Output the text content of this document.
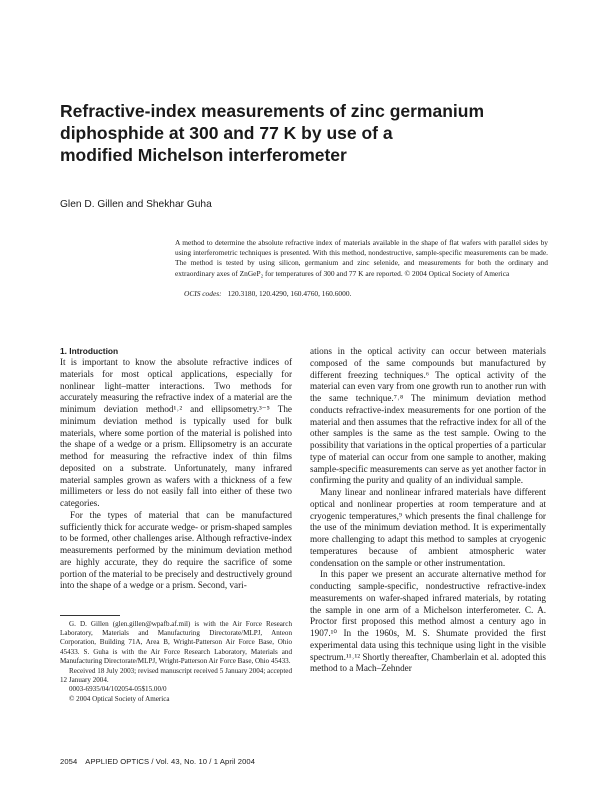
Refractive-index measurements of zinc germanium
diphosphide at 300 and 77 K by use of a
modified Michelson interferometer

Glen D. Gillen and Shekhar Guha

A method to determine the absolute refractive index of materials available in the shape of flat wafers with parallel sides by using interferometric techniques is presented. With this method, nondestructive, sample-specific measurements can be made. The method is tested by using silicon, germanium and zinc selenide, and measurements for both the ordinary and extraordinary axes of ZnGeP₂ for temperatures of 300 and 77 K are reported. © 2004 Optical Society of America

OCIS codes: 120.3180, 120.4290, 160.4760, 160.6000.

1. Introduction

It is important to know the absolute refractive indices of materials for most optical applications, especially for nonlinear light–matter interactions. Two methods for accurately measuring the refractive index of a material are the minimum deviation method¹˒² and ellipsometry.³⁻⁵ The minimum deviation method is typically used for bulk materials, where some portion of the material is polished into the shape of a wedge or a prism. Ellipsometry is an accurate method for measuring the refractive index of thin films deposited on a substrate. Unfortunately, many infrared material samples grown as wafers with a thickness of a few millimeters or less do not easily fall into either of these two categories.

For the types of material that can be manufactured sufficiently thick for accurate wedge- or prism-shaped samples to be formed, other challenges arise. Although refractive-index measurements performed by the minimum deviation method are highly accurate, they do require the sacrifice of some portion of the material to be precisely and destructively ground into the shape of a wedge or a prism. Second, vari-

ations in the optical activity can occur between materials composed of the same compounds but manufactured by different freezing techniques.⁶ The optical activity of the material can even vary from one growth run to another run with the same technique.⁷˒⁸ The minimum deviation method conducts refractive-index measurements for one portion of the material and then assumes that the refractive index for all of the other samples is the same as the test sample. Owing to the possibility that variations in the optical properties of a particular type of material can occur from one sample to another, making sample-specific measurements can serve as yet another factor in confirming the purity and quality of an individual sample.

Many linear and nonlinear infrared materials have different optical and nonlinear properties at room temperature and at cryogenic temperatures,⁹ which presents the final challenge for the use of the minimum deviation method. It is experimentally more challenging to adapt this method to samples at cryogenic temperatures because of ambient atmospheric water condensation on the sample or other instrumentation.

In this paper we present an accurate alternative method for conducting sample-specific, nondestructive refractive-index measurements on wafer-shaped infrared materials, by rotating the sample in one arm of a Michelson interferometer. C. A. Proctor first proposed this method almost a century ago in 1907.¹⁰ In the 1960s, M. S. Shumate provided the first experimental data using this technique using light in the visible spectrum.¹¹˒¹² Shortly thereafter, Chamberlain et al. adopted this method to a Mach–Zehnder

G. D. Gillen (glen.gillen@wpafb.af.mil) is with the Air Force Research Laboratory, Materials and Manufacturing Directorate/MLPJ, Anteon Corporation, Building 71A, Area B, Wright-Patterson Air Force Base, Ohio 45433. S. Guha is with the Air Force Research Laboratory, Materials and Manufacturing Directorate/MLPJ, Wright-Patterson Air Force Base, Ohio 45433.

Received 18 July 2003; revised manuscript received 5 January 2004; accepted 12 January 2004.

0003-6935/04/102054-05$15.00/0

© 2004 Optical Society of America

2054 APPLIED OPTICS / Vol. 43, No. 10 / 1 April 2004
